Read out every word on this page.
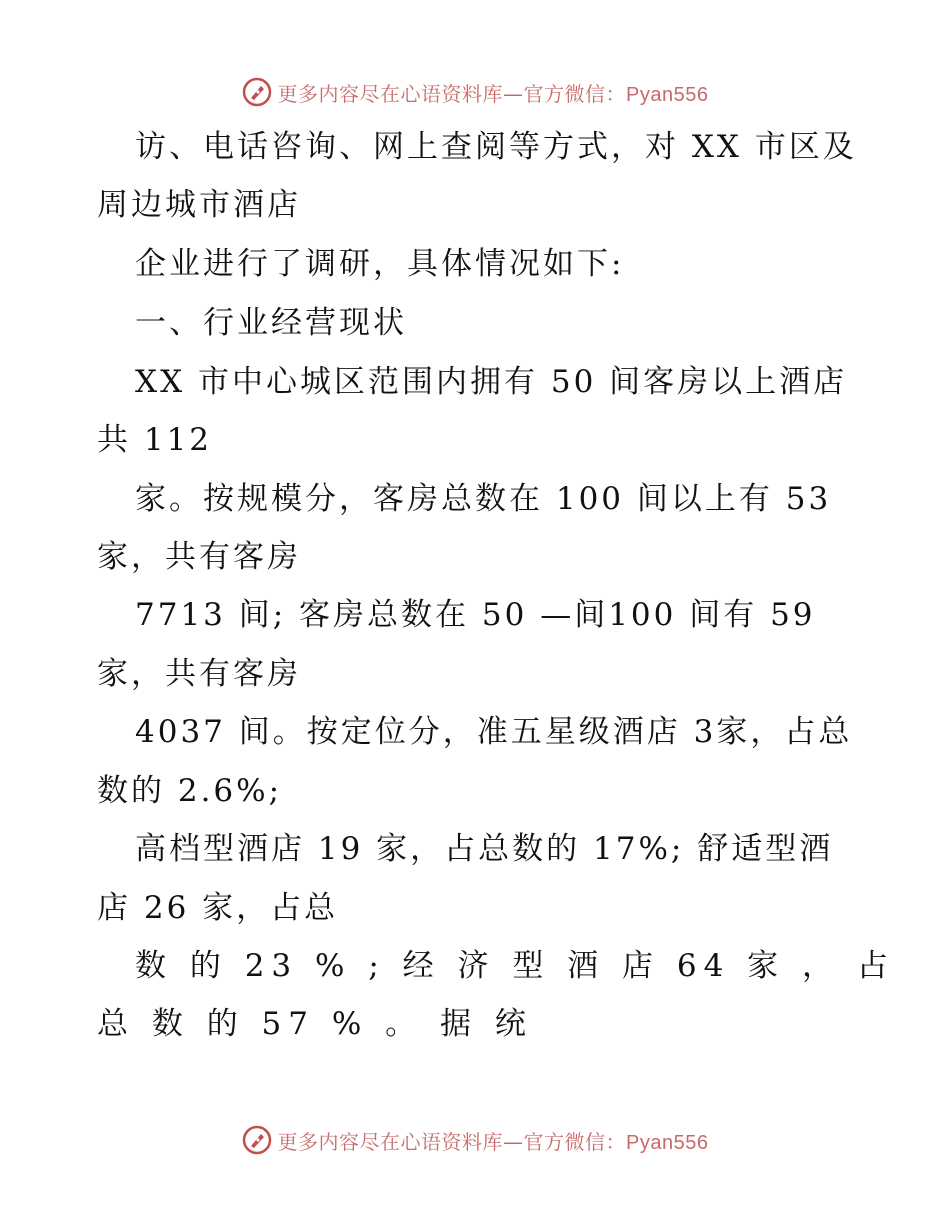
更多内容尽在心语资料库—官方微信：Pyan556
访、电话咨询、网上查阅等方式，对 XX 市区及
周边城市酒店
企业进行了调研，具体情况如下:
一、行业经营现状
XX 市中心城区范围内拥有 50 间客房以上酒店
共 112
家。按规模分，客房总数在 100 间以上有 53
家，共有客房
7713 间; 客房总数在 50 —间100 间有 59
家，共有客房
4037 间。按定位分，准五星级酒店 3家，占总
数的 2.6%;
高档型酒店 19 家，占总数的 17%; 舒适型酒
店 26 家，占总
数 的 23 % ; 经 济 型 酒 店 64 家 ， 占
总 数 的 57 % 。 据 统
更多内容尽在心语资料库—官方微信：Pyan556
